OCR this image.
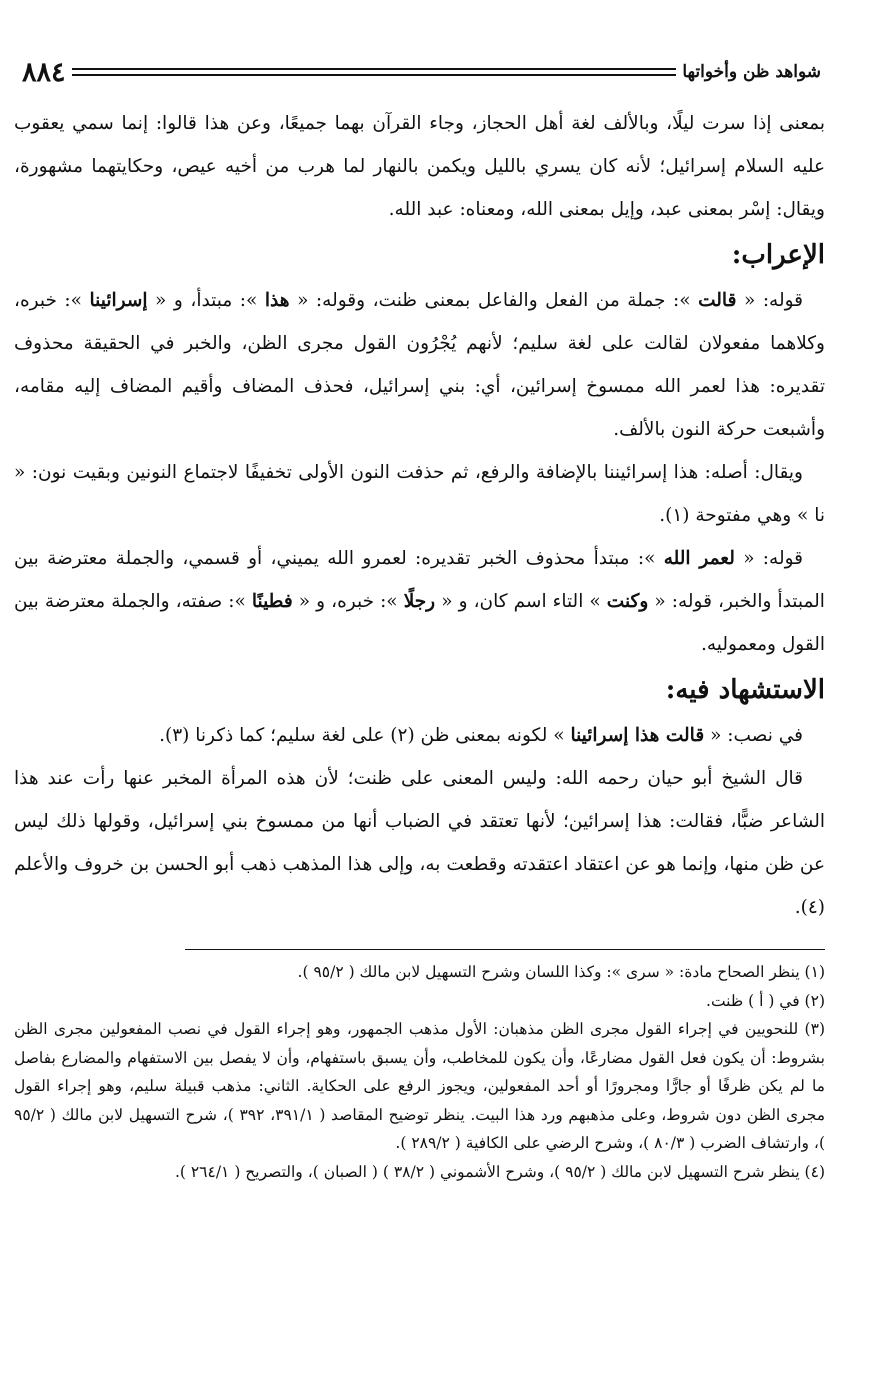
شواهد ظن وأخواتها
٨٨٤

بمعنى إذا سرت ليلًا، وبالألف لغة أهل الحجاز، وجاء القرآن بهما جميعًا، وعن هذا قالوا: إنما سمي يعقوب عليه السلام إسرائيل؛ لأنه كان يسري بالليل ويكمن بالنهار لما هرب من أخيه عيص، وحكايتهما مشهورة، ويقال: إسْر بمعنى عبد، وإيل بمعنى الله، ومعناه: عبد الله.

الإعراب:

قوله: « قالت »: جملة من الفعل والفاعل بمعنى ظنت، وقوله: « هذا »: مبتدأ، و « إسرائينا »: خبره، وكلاهما مفعولان لقالت على لغة سليم؛ لأنهم يُجْرُون القول مجرى الظن، والخبر في الحقيقة محذوف تقديره: هذا لعمر الله ممسوخ إسرائين، أي: بني إسرائيل، فحذف المضاف وأقيم المضاف إليه مقامه، وأشبعت حركة النون بالألف.

ويقال: أصله: هذا إسرائيننا بالإضافة والرفع، ثم حذفت النون الأولى تخفيفًا لاجتماع النونين وبقيت نون: « نا » وهي مفتوحة (١).

قوله: « لعمر الله »: مبتدأ محذوف الخبر تقديره: لعمرو الله يميني، أو قسمي، والجملة معترضة بين المبتدأ والخبر، قوله: « وكنت » التاء اسم كان، و « رجلًا »: خبره، و « فطينًا »: صفته، والجملة معترضة بين القول ومعموليه.

الاستشهاد فيه:

في نصب: « قالت هذا إسرائينا » لكونه بمعنى ظن (٢) على لغة سليم؛ كما ذكرنا (٣).

قال الشيخ أبو حيان رحمه الله: وليس المعنى على ظنت؛ لأن هذه المرأة المخبر عنها رأت عند هذا الشاعر ضبًّا، فقالت: هذا إسرائين؛ لأنها تعتقد في الضباب أنها من ممسوخ بني إسرائيل، وقولها ذلك ليس عن ظن منها، وإنما هو عن اعتقاد اعتقدته وقطعت به، وإلى هذا المذهب ذهب أبو الحسن بن خروف والأعلم (٤).

(١) ينظر الصحاح مادة: « سرى »: وكذا اللسان وشرح التسهيل لابن مالك ( ٩٥/٢ ).

(٢) في ( أ ) ظنت.

(٣) للنحويين في إجراء القول مجرى الظن مذهبان: الأول مذهب الجمهور، وهو إجراء القول في نصب المفعولين مجرى الظن بشروط: أن يكون فعل القول مضارعًا، وأن يكون للمخاطب، وأن يسبق باستفهام، وأن لا يفصل بين الاستفهام والمضارع بفاصل ما لم يكن ظرفًا أو جارًّا ومجرورًا أو أحد المفعولين، ويجوز الرفع على الحكاية. الثاني: مذهب قبيلة سليم، وهو إجراء القول مجرى الظن دون شروط، وعلى مذهبهم ورد هذا البيت. ينظر توضيح المقاصد ( ٣٩١/١، ٣٩٢ )، شرح التسهيل لابن مالك ( ٩٥/٢ )، وارتشاف الضرب ( ٨٠/٣ )، وشرح الرضي على الكافية ( ٢٨٩/٢ ).

(٤) ينظر شرح التسهيل لابن مالك ( ٩٥/٢ )، وشرح الأشموني ( ٣٨/٢ ) ( الصبان )، والتصريح ( ٢٦٤/١ ).
